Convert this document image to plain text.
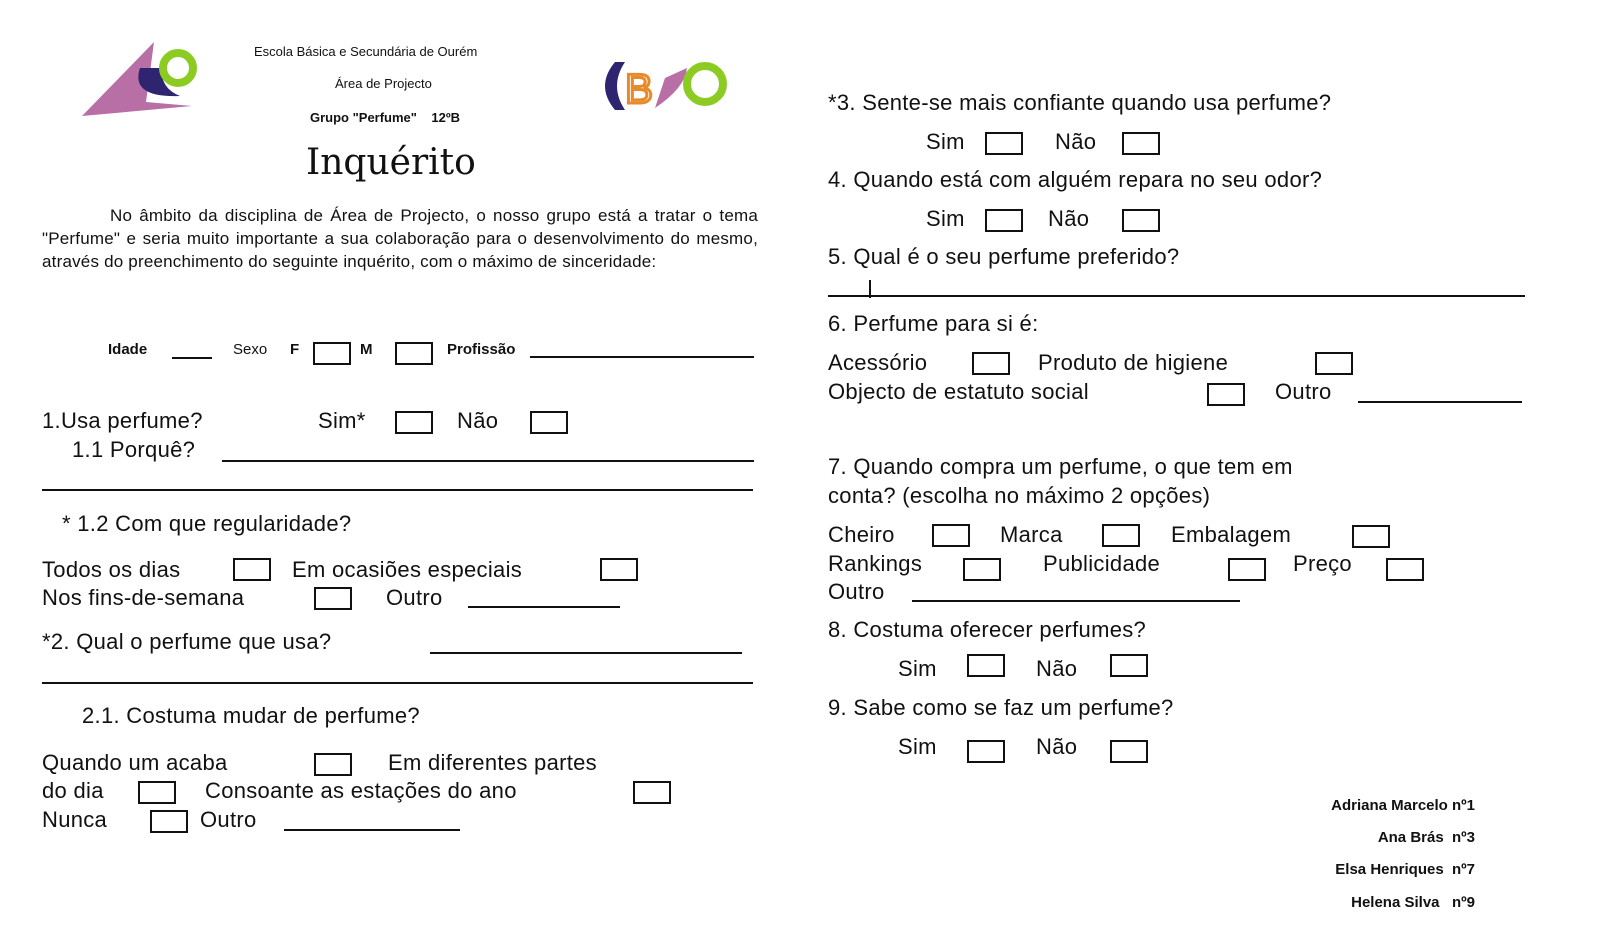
B
Escola Básica e Secundária de Ourém
Área de Projecto
Grupo "Perfume"    12ºB
Inquérito
No âmbito da disciplina de Área de Projecto, o nosso grupo está a tratar o tema "Perfume" e seria muito importante a sua colaboração para o desenvolvimento do mesmo, através do preenchimento do seguinte inquérito, com o máximo de sinceridade:
Idade	Sexo F	M	Profissão
1.Usa perfume?	Sim*	Não
1.1 Porquê?
* 1.2 Com que regularidade?
Todos os dias	Em ocasiões especiais
Nos fins-de-semana	Outro
*2. Qual o perfume que usa?
2.1. Costuma mudar de perfume?
Quando um acaba	Em diferentes partes
do dia	Consoante as estações do ano
Nunca	Outro
*3. Sente-se mais confiante quando usa perfume?
Sim	Não
4. Quando está com alguém repara no seu odor?
Sim	Não
5. Qual é o seu perfume preferido?
6. Perfume para si é:
Acessório	Produto de higiene
Objecto de estatuto social	Outro
7. Quando compra um perfume, o que tem em
conta? (escolha no máximo 2 opções)
Cheiro	Marca	Embalagem
Rankings	Publicidade	Preço
Outro
8. Costuma oferecer perfumes?
Sim	Não
9. Sabe como se faz um perfume?
Sim	Não
Adriana Marcelo nº1
Ana Brás  nº3
Elsa Henriques  nº7
Helena Silva   nº9
